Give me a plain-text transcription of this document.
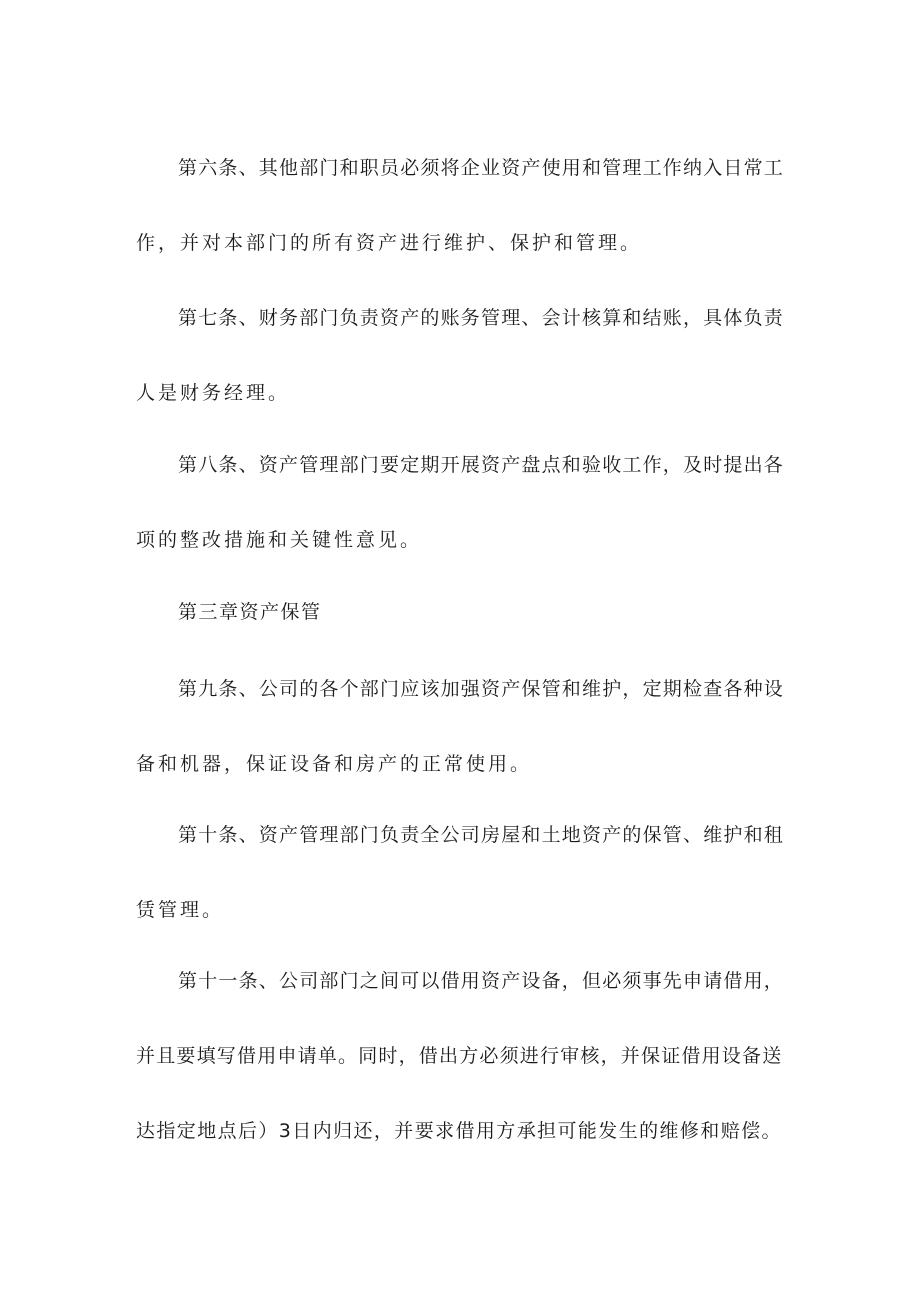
第六条、其他部门和职员必须将企业资产使用和管理工作纳入日常工
作，并对本部门的所有资产进行维护、保护和管理。

第七条、财务部门负责资产的账务管理、会计核算和结账，具体负责
人是财务经理。

第八条、资产管理部门要定期开展资产盘点和验收工作，及时提出各
项的整改措施和关键性意见。

第三章资产保管

第九条、公司的各个部门应该加强资产保管和维护，定期检查各种设
备和机器，保证设备和房产的正常使用。

第十条、资产管理部门负责全公司房屋和土地资产的保管、维护和租
赁管理。

第十一条、公司部门之间可以借用资产设备，但必须事先申请借用，
并且要填写借用申请单。同时，借出方必须进行审核，并保证借用设备送
达指定地点后）3日内归还，并要求借用方承担可能发生的维修和赔偿。
